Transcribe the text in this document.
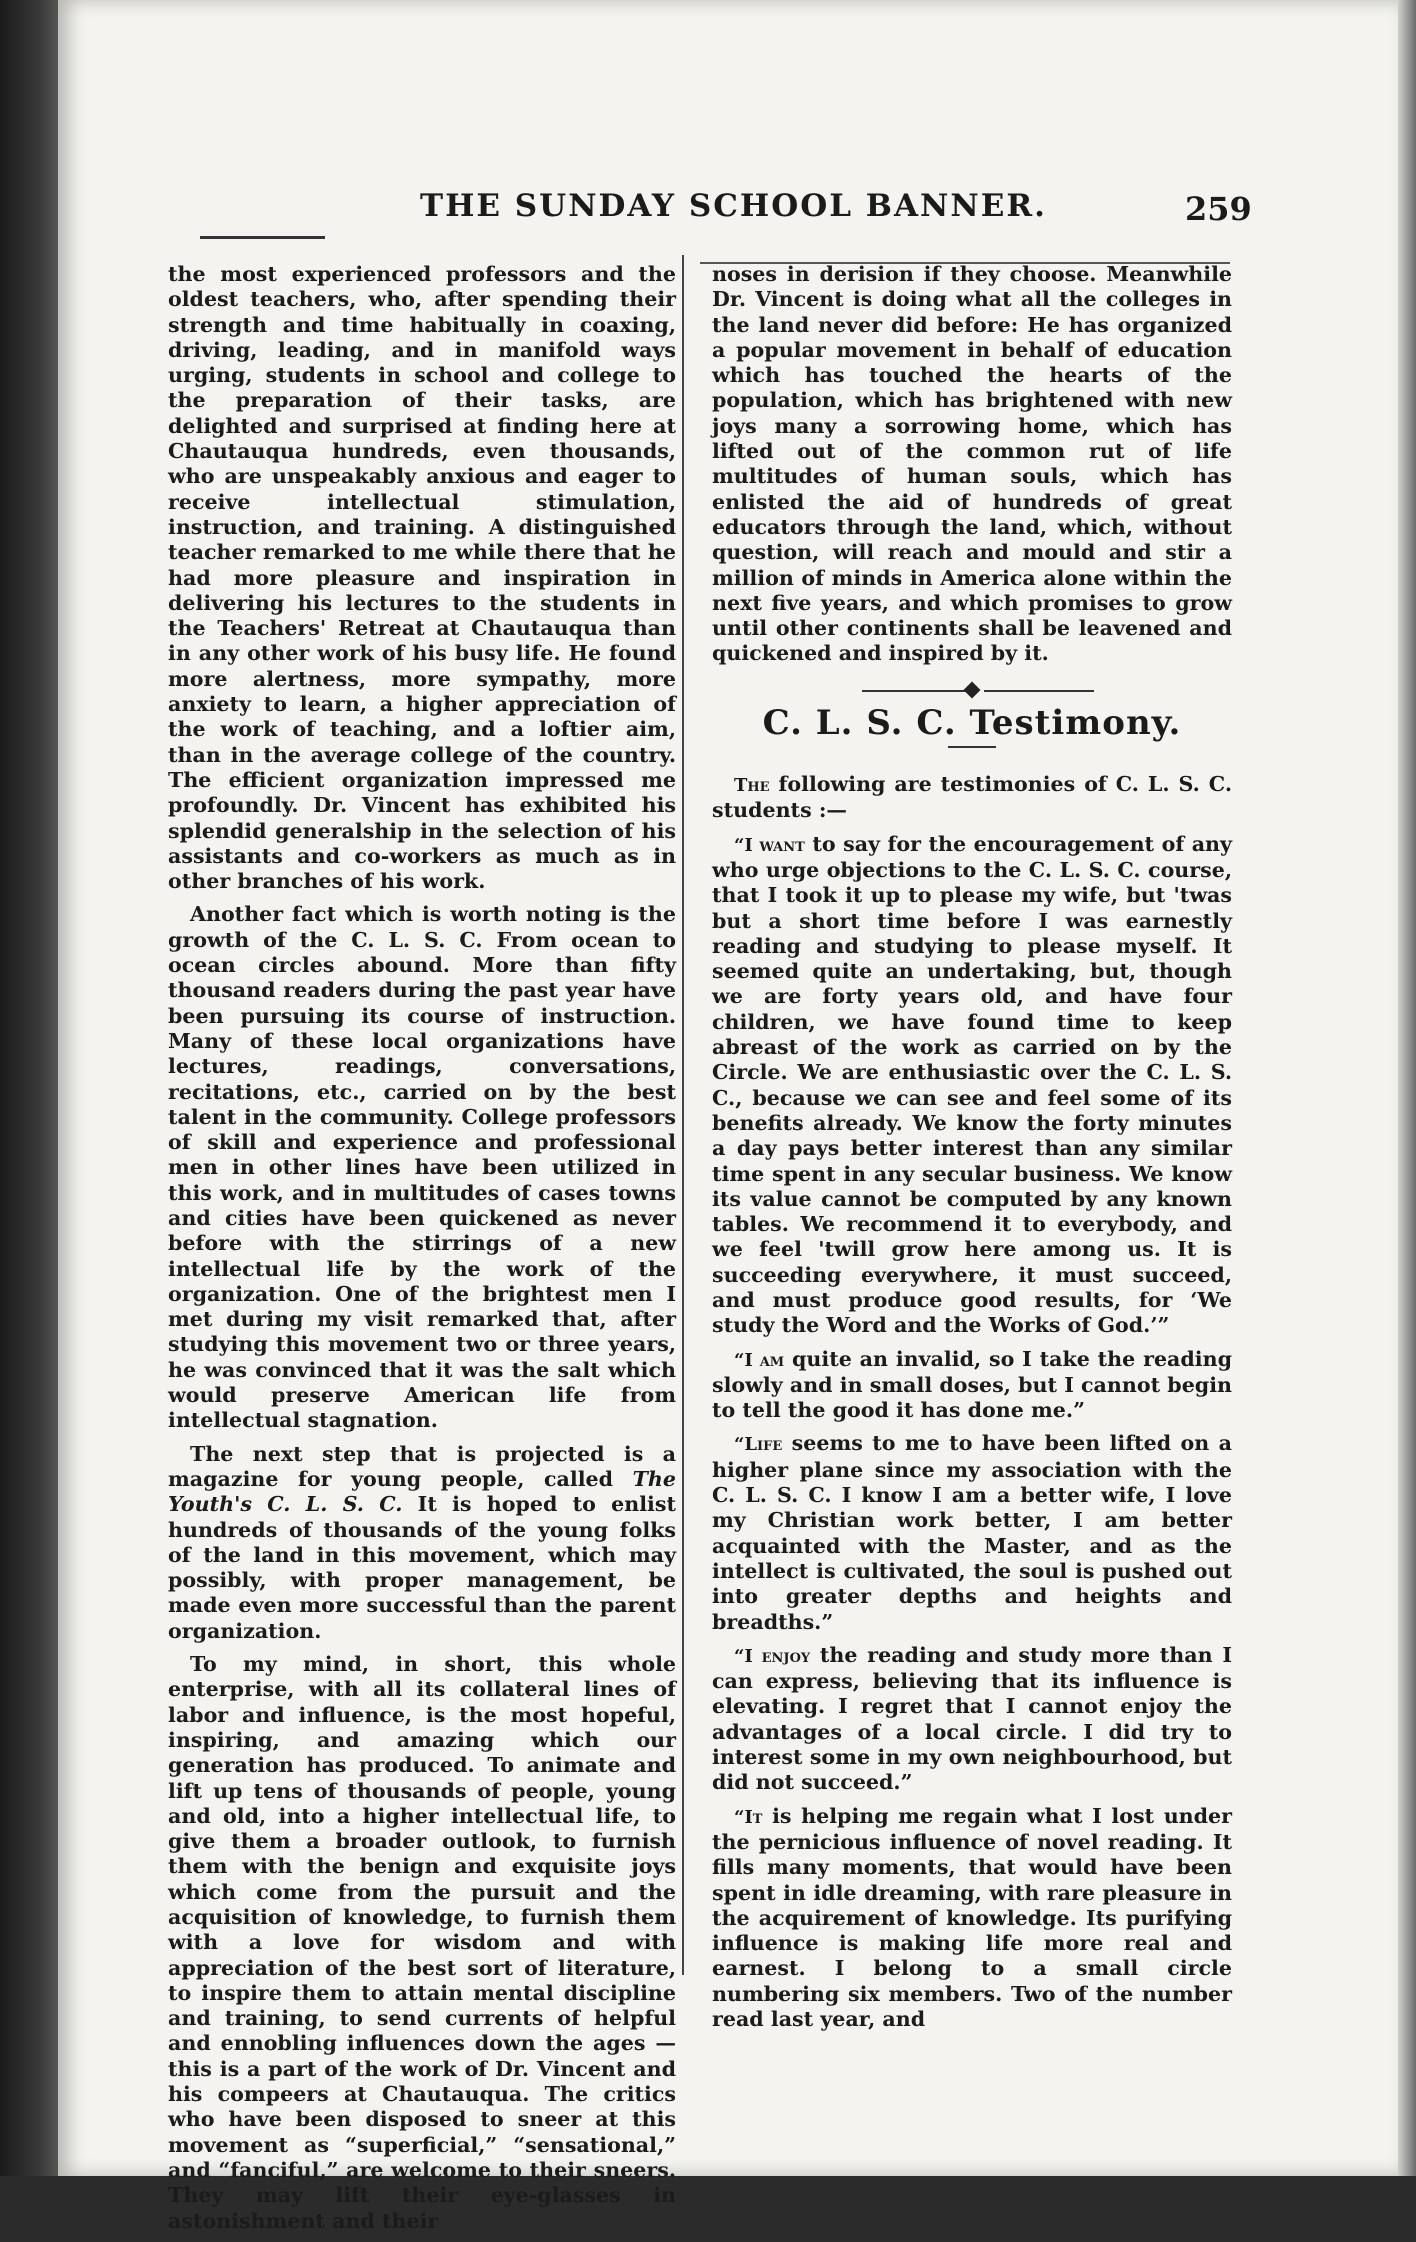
THE SUNDAY SCHOOL BANNER.	259

the most experienced professors and the oldest teachers, who, after spending their strength and time habitually in coaxing, driving, leading, and in manifold ways urging, students in school and college to the preparation of their tasks, are delighted and surprised at finding here at Chautauqua hundreds, even thousands, who are unspeakably anxious and eager to receive intellectual stimulation, instruction, and training. A distinguished teacher remarked to me while there that he had more pleasure and inspiration in delivering his lectures to the students in the Teachers' Retreat at Chautauqua than in any other work of his busy life. He found more alertness, more sympathy, more anxiety to learn, a higher appreciation of the work of teaching, and a loftier aim, than in the average college of the country. The efficient organization impressed me profoundly. Dr. Vincent has exhibited his splendid generalship in the selection of his assistants and co-workers as much as in other branches of his work.

Another fact which is worth noting is the growth of the C. L. S. C. From ocean to ocean circles abound. More than fifty thousand readers during the past year have been pursuing its course of instruction. Many of these local organizations have lectures, readings, conversations, recitations, etc., carried on by the best talent in the community. College professors of skill and experience and professional men in other lines have been utilized in this work, and in multitudes of cases towns and cities have been quickened as never before with the stirrings of a new intellectual life by the work of the organization. One of the brightest men I met during my visit remarked that, after studying this movement two or three years, he was convinced that it was the salt which would preserve American life from intellectual stagnation.

The next step that is projected is a magazine for young people, called The Youth's C. L. S. C. It is hoped to enlist hundreds of thousands of the young folks of the land in this movement, which may possibly, with proper management, be made even more successful than the parent organization.

To my mind, in short, this whole enterprise, with all its collateral lines of labor and influence, is the most hopeful, inspiring, and amazing which our generation has produced. To animate and lift up tens of thousands of people, young and old, into a higher intellectual life, to give them a broader outlook, to furnish them with the benign and exquisite joys which come from the pursuit and the acquisition of knowledge, to furnish them with a love for wisdom and with appreciation of the best sort of literature, to inspire them to attain mental discipline and training, to send currents of helpful and ennobling influences down the ages —this is a part of the work of Dr. Vincent and his compeers at Chautauqua. The critics who have been disposed to sneer at this movement as “superficial,” “sensational,” and “fanciful,” are welcome to their sneers. They may lift their eye-glasses in astonishment and their

noses in derision if they choose. Meanwhile Dr. Vincent is doing what all the colleges in the land never did before: He has organized a popular movement in behalf of education which has touched the hearts of the population, which has brightened with new joys many a sorrowing home, which has lifted out of the common rut of life multitudes of human souls, which has enlisted the aid of hundreds of great educators through the land, which, without question, will reach and mould and stir a million of minds in America alone within the next five years, and which promises to grow until other continents shall be leavened and quickened and inspired by it.

C. L. S. C. Testimony.

The following are testimonies of C. L. S. C. students :—

“I want to say for the encouragement of any who urge objections to the C. L. S. C. course, that I took it up to please my wife, but 'twas but a short time before I was earnestly reading and studying to please myself. It seemed quite an undertaking, but, though we are forty years old, and have four children, we have found time to keep abreast of the work as carried on by the Circle. We are enthusiastic over the C. L. S. C., because we can see and feel some of its benefits already. We know the forty minutes a day pays better interest than any similar time spent in any secular business. We know its value cannot be computed by any known tables. We recommend it to everybody, and we feel 'twill grow here among us. It is succeeding everywhere, it must succeed, and must produce good results, for ‘We study the Word and the Works of God.’”

“I am quite an invalid, so I take the reading slowly and in small doses, but I cannot begin to tell the good it has done me.”

“Life seems to me to have been lifted on a higher plane since my association with the C. L. S. C. I know I am a better wife, I love my Christian work better, I am better acquainted with the Master, and as the intellect is cultivated, the soul is pushed out into greater depths and heights and breadths.”

“I enjoy the reading and study more than I can express, believing that its influence is elevating. I regret that I cannot enjoy the advantages of a local circle. I did try to interest some in my own neighbourhood, but did not succeed.”

“It is helping me regain what I lost under the pernicious influence of novel reading. It fills many moments, that would have been spent in idle dreaming, with rare pleasure in the acquirement of knowledge. Its purifying influence is making life more real and earnest. I belong to a small circle numbering six members. Two of the number read last year, and
